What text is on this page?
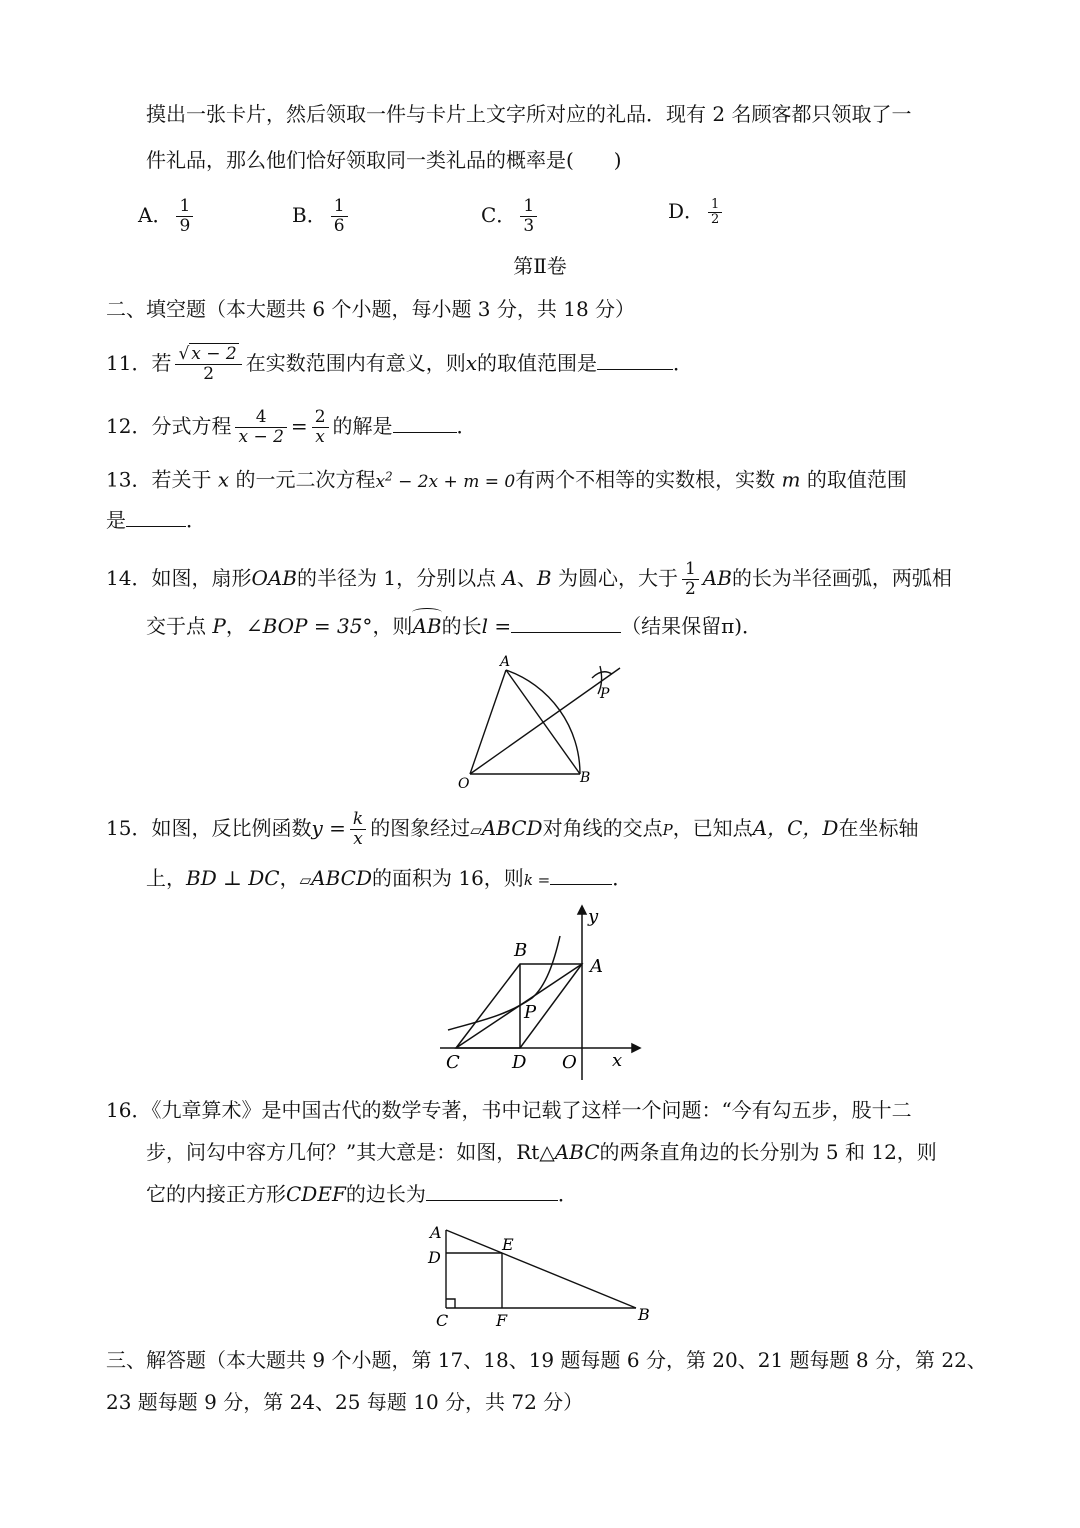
摸出一张卡片，然后领取一件与卡片上文字所对应的礼品．现有 2 名顾客都只领取了一
件礼品，那么他们恰好领取同一类礼品的概率是(　　)
A． $\frac{1}{9}$	B． $\frac{1}{6}$	C． $\frac{1}{3}$	D． $\frac{1}{2}$
第Ⅱ卷
二、填空题（本大题共 6 个小题，每小题 3 分，共 18 分）
11．若 $\frac{√ x - 2}{2}$ 在实数范围内有意义，则x的取值范围是	．
12．分式方程 $\frac{4}{x - 2} = \frac{2}{x}$ 的解是	．
13．若关于 x 的一元二次方程$x^2 - 2x + m = 0$有两个不相等的实数根，实数 m 的取值范围
是	．
14．如图，扇形OAB的半径为 1，分别以点 A、B 为圆心，大于 $\frac{1}{2}$ AB的长为半径画弧，两弧相
交于点 P，∠BOP = 35°，则AB的长l =	（结果保留π)．
A
P
O	B
15．如图，反比例函数$y = \frac{k}{x}$ 的图象经过▱ABCD对角线的交点P，已知点A，C，D在坐标轴
上，BD ⊥ DC，▱ABCD的面积为 16，则k =	．
y
B
A
P
C	D O x
16．《九章算术》是中国古代的数学专著，书中记载了这样一个问题：“今有勾五步，股十二
步，问勾中容方几何？”其大意是：如图，Rt△ABC的两条直角边的长分别为 5 和 12，则
它的内接正方形CDEF的边长为	．
A
D
E
C	F	B
三、解答题（本大题共 9 个小题，第 17、18、19 题每题 6 分，第 20、21 题每题 8 分，第 22、
23 题每题 9 分，第 24、25 每题 10 分，共 72 分）
